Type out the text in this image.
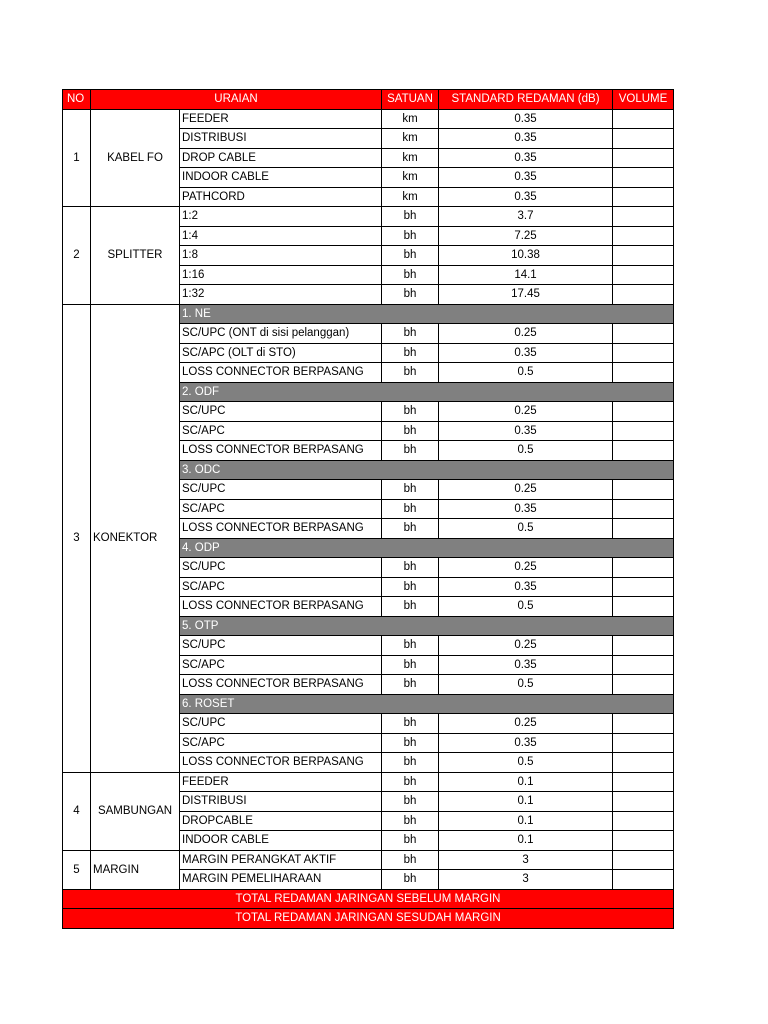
NO	URAIAN		SATUAN	STANDARD REDAMAN (dB)	VOLUME
1	KABEL FO	FEEDER	km	0.35	
		DISTRIBUSI	km	0.35	
		DROP CABLE	km	0.35	
		INDOOR CABLE	km	0.35	
		PATHCORD	km	0.35	
2	SPLITTER	1:2	bh	3.7	
		1:4	bh	7.25	
		1:8	bh	10.38	
		1:16	bh	14.1	
		1:32	bh	17.45	
3	KONEKTOR	1. NE			
		SC/UPC (ONT di sisi pelanggan)	bh	0.25	
		SC/APC (OLT di STO)	bh	0.35	
		LOSS CONNECTOR BERPASANG	bh	0.5	
		2. ODF			
		SC/UPC	bh	0.25	
		SC/APC	bh	0.35	
		LOSS CONNECTOR BERPASANG	bh	0.5	
		3. ODC			
		SC/UPC	bh	0.25	
		SC/APC	bh	0.35	
		LOSS CONNECTOR BERPASANG	bh	0.5	
		4. ODP			
		SC/UPC	bh	0.25	
		SC/APC	bh	0.35	
		LOSS CONNECTOR BERPASANG	bh	0.5	
		5. OTP			
		SC/UPC	bh	0.25	
		SC/APC	bh	0.35	
		LOSS CONNECTOR BERPASANG	bh	0.5	
		6. ROSET			
		SC/UPC	bh	0.25	
		SC/APC	bh	0.35	
		LOSS CONNECTOR BERPASANG	bh	0.5	
4	SAMBUNGAN	FEEDER	bh	0.1	
		DISTRIBUSI	bh	0.1	
		DROPCABLE	bh	0.1	
		INDOOR CABLE	bh	0.1	
5	MARGIN	MARGIN PERANGKAT AKTIF	bh	3	
		MARGIN PEMELIHARAAN	bh	3	
TOTAL REDAMAN JARINGAN SEBELUM MARGIN					
TOTAL REDAMAN JARINGAN SESUDAH MARGIN					
